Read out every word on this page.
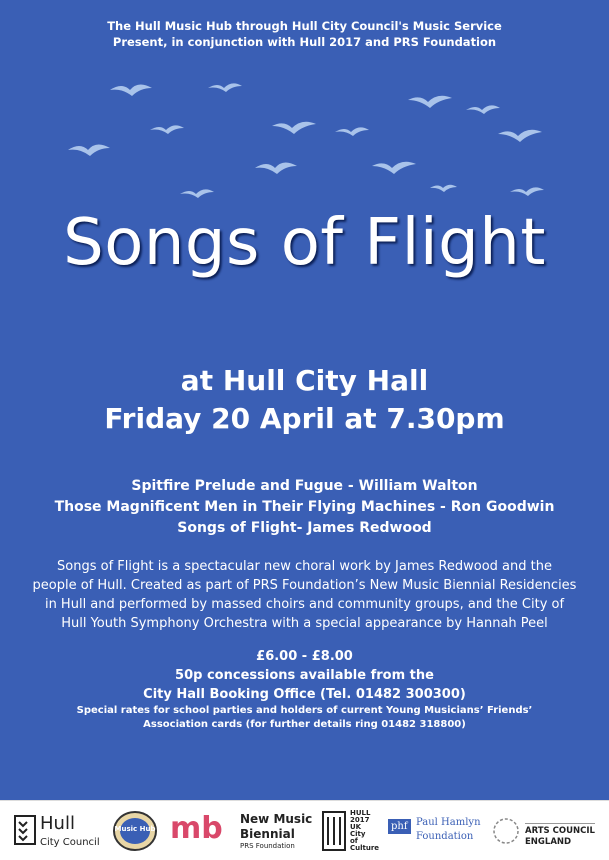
The Hull Music Hub through Hull City Council's Music Service
Present, in conjunction with Hull 2017 and PRS Foundation
Songs of Flight
at Hull City Hall
Friday 20 April at 7.30pm
Spitfire Prelude and Fugue - William Walton
Those Magnificent Men in Their Flying Machines - Ron Goodwin
Songs of Flight- James Redwood
Songs of Flight is a spectacular new choral work by James Redwood and the
people of Hull. Created as part of PRS Foundation’s New Music Biennial Residencies
in Hull and performed by massed choirs and community groups, and the City of
Hull Youth Symphony Orchestra with a special appearance by Hannah Peel
£6.00 - £8.00
50p concessions available from the
City Hall Booking Office (Tel. 01482 300300)
Special rates for school parties and holders of current Young Musicians’ Friends’
Association cards (for further details ring 01482 318800)
Hull
City Council
Music Hub mb New Music
Biennial
PRS Foundation
HULL
2017
UK
City
of
Culture
phf Paul Hamlyn
Foundation	ARTS COUNCIL
ENGLAND
